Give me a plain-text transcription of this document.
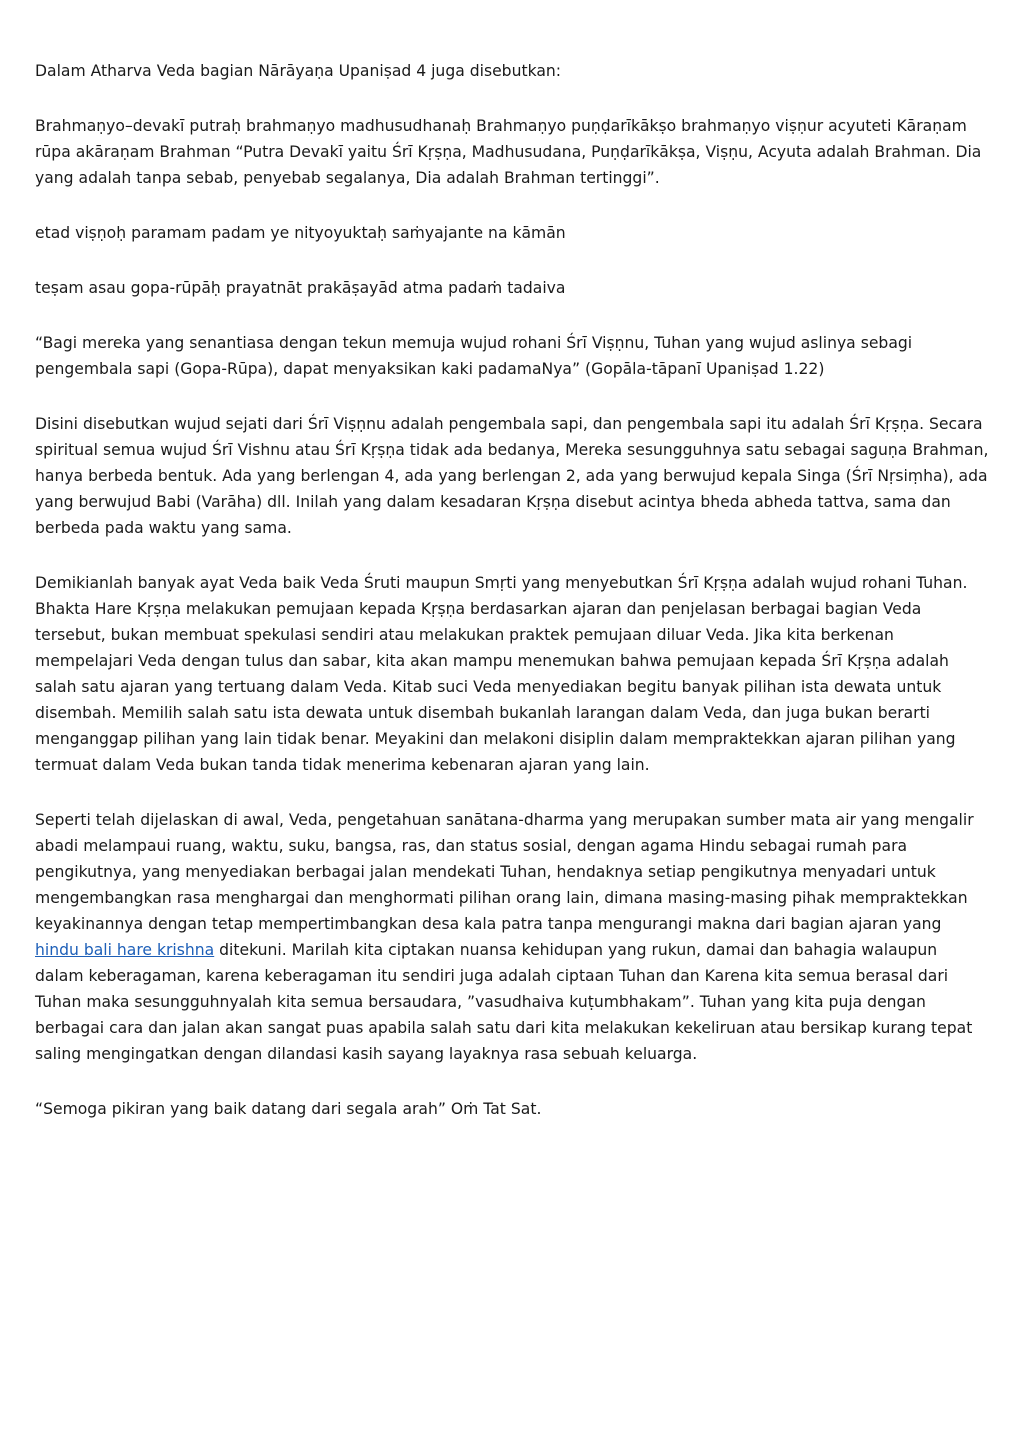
Dalam Atharva Veda bagian Nārāyaṇa Upaniṣad 4 juga disebutkan:

Brahmaṇyo–devakī putraḥ brahmaṇyo madhusudhanaḥ Brahmaṇyo puṇḍarīkākṣo brahmaṇyo viṣṇur acyuteti Kāraṇam rūpa akāraṇam Brahman “Putra Devakī yaitu Śrī Kṛṣṇa, Madhusudana, Puṇḍarīkākṣa, Viṣṇu, Acyuta adalah Brahman. Dia yang adalah tanpa sebab, penyebab segalanya, Dia adalah Brahman tertinggi”.

etad viṣṇoḥ paramam padam ye nityoyuktaḥ saṁyajante na kāmān

teṣam asau gopa-rūpāḥ prayatnāt prakāṣayād atma padaṁ tadaiva

“Bagi mereka yang senantiasa dengan tekun memuja wujud rohani Śrī Viṣṇnu, Tuhan yang wujud aslinya sebagi pengembala sapi (Gopa-Rūpa), dapat menyaksikan kaki padamaNya” (Gopāla-tāpanī Upaniṣad 1.22)

Disini disebutkan wujud sejati dari Śrī Viṣṇnu adalah pengembala sapi, dan pengembala sapi itu adalah Śrī Kṛṣṇa. Secara spiritual semua wujud Śrī Vishnu atau Śrī Kṛṣṇa tidak ada bedanya, Mereka sesungguhnya satu sebagai saguṇa Brahman, hanya berbeda bentuk. Ada yang berlengan 4, ada yang berlengan 2, ada yang berwujud kepala Singa (Śrī Nṛsiṃha), ada yang berwujud Babi (Varāha) dll. Inilah yang dalam kesadaran Kṛṣṇa disebut acintya bheda abheda tattva, sama dan berbeda pada waktu yang sama.

Demikianlah banyak ayat Veda baik Veda Śruti maupun Smṛti yang menyebutkan Śrī Kṛṣṇa adalah wujud rohani Tuhan. Bhakta Hare Kṛṣṇa melakukan pemujaan kepada Kṛṣṇa berdasarkan ajaran dan penjelasan berbagai bagian Veda tersebut, bukan membuat spekulasi sendiri atau melakukan praktek pemujaan diluar Veda. Jika kita berkenan mempelajari Veda dengan tulus dan sabar, kita akan mampu menemukan bahwa pemujaan kepada Śrī Kṛṣṇa adalah salah satu ajaran yang tertuang dalam Veda. Kitab suci Veda menyediakan begitu banyak pilihan ista dewata untuk disembah. Memilih salah satu ista dewata untuk disembah bukanlah larangan dalam Veda, dan juga bukan berarti menganggap pilihan yang lain tidak benar. Meyakini dan melakoni disiplin dalam mempraktekkan ajaran pilihan yang termuat dalam Veda bukan tanda tidak menerima kebenaran ajaran yang lain.

Seperti telah dijelaskan di awal, Veda, pengetahuan sanātana-dharma yang merupakan sumber mata air yang mengalir abadi melampaui ruang, waktu, suku, bangsa, ras, dan status sosial, dengan agama Hindu sebagai rumah para pengikutnya, yang menyediakan berbagai jalan mendekati Tuhan, hendaknya setiap pengikutnya menyadari untuk mengembangkan rasa menghargai dan menghormati pilihan orang lain, dimana masing-masing pihak mempraktekkan keyakinannya dengan tetap mempertimbangkan desa kala patra tanpa mengurangi makna dari bagian ajaran yang hindu bali hare krishna ditekuni. Marilah kita ciptakan nuansa kehidupan yang rukun, damai dan bahagia walaupun dalam keberagaman, karena keberagaman itu sendiri juga adalah ciptaan Tuhan dan Karena kita semua berasal dari Tuhan maka sesungguhnyalah kita semua bersaudara, ”vasudhaiva kuṭumbhakam”. Tuhan yang kita puja dengan berbagai cara dan jalan akan sangat puas apabila salah satu dari kita melakukan kekeliruan atau bersikap kurang tepat saling mengingatkan dengan dilandasi kasih sayang layaknya rasa sebuah keluarga.

“Semoga pikiran yang baik datang dari segala arah” Oṁ Tat Sat.
